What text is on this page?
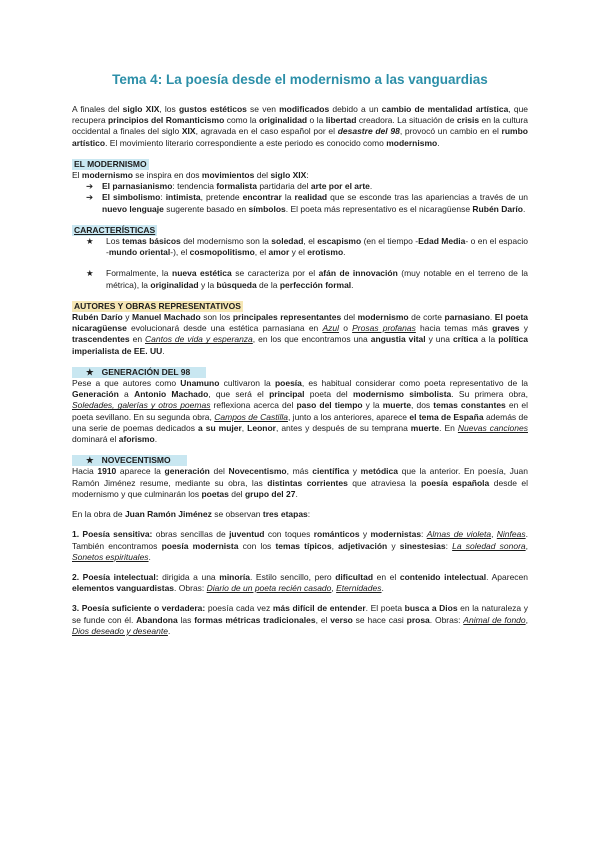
Tema 4: La poesía desde el modernismo a las vanguardias

A finales del siglo XIX, los gustos estéticos se ven modificados debido a un cambio de mentalidad artística, que recupera principios del Romanticismo como la originalidad o la libertad creadora. La situación de crisis en la cultura occidental a finales del siglo XIX, agravada en el caso español por el desastre del 98, provocó un cambio en el rumbo artístico. El movimiento literario correspondiente a este periodo es conocido como modernismo.

EL MODERNISMO

El modernismo se inspira en dos movimientos del siglo XIX:

➔ El parnasianismo: tendencia formalista partidaria del arte por el arte.
➔ El simbolismo: intimista, pretende encontrar la realidad que se esconde tras las apariencias a través de un nuevo lenguaje sugerente basado en símbolos. El poeta más representativo es el nicaragüense Rubén Darío.
CARACTERÍSTICAS
★ Los temas básicos del modernismo son la soledad, el escapismo (en el tiempo -Edad Media- o en el espacio -mundo oriental-), el cosmopolitismo, el amor y el erotismo.
★ Formalmente, la nueva estética se caracteriza por el afán de innovación (muy notable en el terreno de la métrica), la originalidad y la búsqueda de la perfección formal.
AUTORES Y OBRAS REPRESENTATIVOS

Rubén Darío y Manuel Machado son los principales representantes del modernismo de corte parnasiano. El poeta nicaragüense evolucionará desde una estética parnasiana en Azul o Prosas profanas hacia temas más graves y trascendentes en Cantos de vida y esperanza, en los que encontramos una angustia vital y una crítica a la política imperialista de EE. UU.

★ GENERACIÓN DEL 98

Pese a que autores como Unamuno cultivaron la poesía, es habitual considerar como poeta representativo de la Generación a Antonio Machado, que será el principal poeta del modernismo simbolista. Su primera obra, Soledades, galerías y otros poemas reflexiona acerca del paso del tiempo y la muerte, dos temas constantes en el poeta sevillano. En su segunda obra, Campos de Castilla, junto a los anteriores, aparece el tema de España además de una serie de poemas dedicados a su mujer, Leonor, antes y después de su temprana muerte. En Nuevas canciones dominará el aforismo.

★ NOVECENTISMO

Hacia 1910 aparece la generación del Novecentismo, más científica y metódica que la anterior. En poesía, Juan Ramón Jiménez resume, mediante su obra, las distintas corrientes que atraviesa la poesía española desde el modernismo y que culminarán los poetas del grupo del 27.

En la obra de Juan Ramón Jiménez se observan tres etapas:

1. Poesía sensitiva: obras sencillas de juventud con toques románticos y modernistas: Almas de violeta, Ninfeas. También encontramos poesía modernista con los temas típicos, adjetivación y sinestesias: La soledad sonora, Sonetos espirituales.

2. Poesía intelectual: dirigida a una minoría. Estilo sencillo, pero dificultad en el contenido intelectual. Aparecen elementos vanguardistas. Obras: Diario de un poeta recién casado, Eternidades.

3. Poesía suficiente o verdadera: poesía cada vez más difícil de entender. El poeta busca a Dios en la naturaleza y se funde con él. Abandona las formas métricas tradicionales, el verso se hace casi prosa. Obras: Animal de fondo, Dios deseado y deseante.
